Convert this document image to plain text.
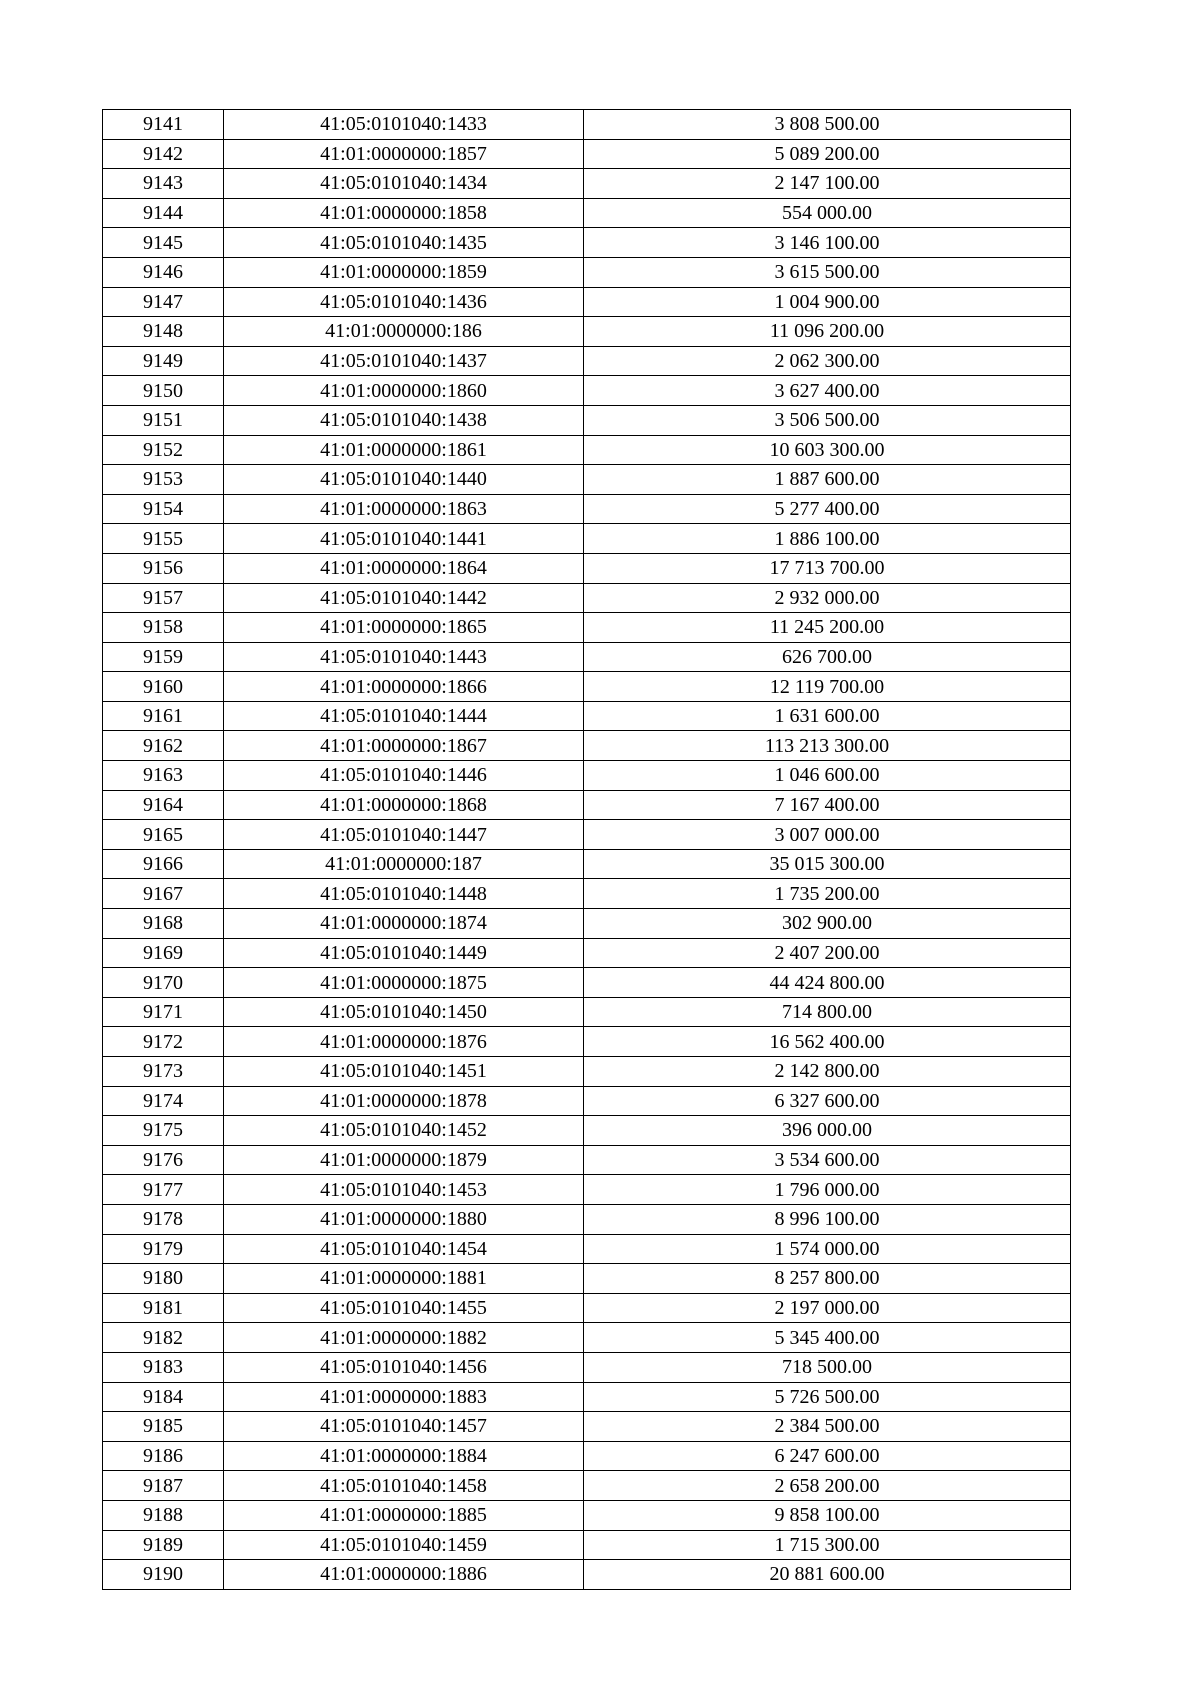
9141	41:05:0101040:1433	3 808 500.00
9142	41:01:0000000:1857	5 089 200.00
9143	41:05:0101040:1434	2 147 100.00
9144	41:01:0000000:1858	554 000.00
9145	41:05:0101040:1435	3 146 100.00
9146	41:01:0000000:1859	3 615 500.00
9147	41:05:0101040:1436	1 004 900.00
9148	41:01:0000000:186	11 096 200.00
9149	41:05:0101040:1437	2 062 300.00
9150	41:01:0000000:1860	3 627 400.00
9151	41:05:0101040:1438	3 506 500.00
9152	41:01:0000000:1861	10 603 300.00
9153	41:05:0101040:1440	1 887 600.00
9154	41:01:0000000:1863	5 277 400.00
9155	41:05:0101040:1441	1 886 100.00
9156	41:01:0000000:1864	17 713 700.00
9157	41:05:0101040:1442	2 932 000.00
9158	41:01:0000000:1865	11 245 200.00
9159	41:05:0101040:1443	626 700.00
9160	41:01:0000000:1866	12 119 700.00
9161	41:05:0101040:1444	1 631 600.00
9162	41:01:0000000:1867	113 213 300.00
9163	41:05:0101040:1446	1 046 600.00
9164	41:01:0000000:1868	7 167 400.00
9165	41:05:0101040:1447	3 007 000.00
9166	41:01:0000000:187	35 015 300.00
9167	41:05:0101040:1448	1 735 200.00
9168	41:01:0000000:1874	302 900.00
9169	41:05:0101040:1449	2 407 200.00
9170	41:01:0000000:1875	44 424 800.00
9171	41:05:0101040:1450	714 800.00
9172	41:01:0000000:1876	16 562 400.00
9173	41:05:0101040:1451	2 142 800.00
9174	41:01:0000000:1878	6 327 600.00
9175	41:05:0101040:1452	396 000.00
9176	41:01:0000000:1879	3 534 600.00
9177	41:05:0101040:1453	1 796 000.00
9178	41:01:0000000:1880	8 996 100.00
9179	41:05:0101040:1454	1 574 000.00
9180	41:01:0000000:1881	8 257 800.00
9181	41:05:0101040:1455	2 197 000.00
9182	41:01:0000000:1882	5 345 400.00
9183	41:05:0101040:1456	718 500.00
9184	41:01:0000000:1883	5 726 500.00
9185	41:05:0101040:1457	2 384 500.00
9186	41:01:0000000:1884	6 247 600.00
9187	41:05:0101040:1458	2 658 200.00
9188	41:01:0000000:1885	9 858 100.00
9189	41:05:0101040:1459	1 715 300.00
9190	41:01:0000000:1886	20 881 600.00
